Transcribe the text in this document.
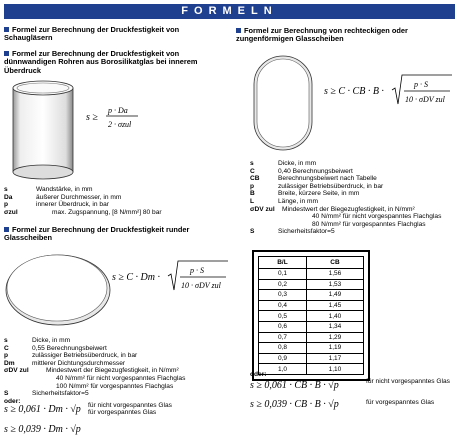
FORMELN
Formel zur Berechnung der Druckfestigkeit von Schaugläsern
Formel zur Berechnung der Druckfestigkeit von dünnwandigen Rohren aus Borosilikatglas bei innerem Überdruck
s ≥
p · Da
2 · σzul
s	Wandstärke, in mm
Da	äußerer Durchmesser, in mm
p	innerer Überdruck, in bar
σzul	max. Zugspannung, [8 N/mm²] 80 bar
Formel zur Berechnung der Druckfestigkeit runder Glasscheiben
s ≥ C · Dm ·
p · S
10 · σDV zul
s	Dicke, in mm
C	0,55 Berechnungsbeiwert
p	zulässiger Betriebsüberdruck, in bar
Dm	mittlerer Dichtungsdurchmesser
σDV zul	Mindestwert der Biegezugfestigkeit, in N/mm²
40 N/mm² für nicht vorgespanntes Flachglas
100 N/mm² für vorgespanntes Flachglas
S	Sicherheitsfaktor=5
oder:
s ≥ 0,061 · Dm · √p für nicht vorgespanntes Glas
für vorgespanntes Glas
s ≥ 0,039 · Dm · √p
Formel zur Berechnung von rechteckigen oder zungenförmigen Glasscheiben
s ≥ C · CB · B ·
p · S
10 · σDV zul
s	Dicke, in mm
C	0,40 Berechnungsbeiwert
CB	Berechnungsbeiwert nach Tabelle
p	zulässiger Betriebsüberdruck, in bar
B	Breite, kürzere Seite, in mm
L	Länge, in mm
σDV zul Mindestwert der Biegezugfestigkeit, in N/mm²
40 N/mm² für nicht vorgespanntes Flachglas
80 N/mm² für vorgespanntes Flachglas
S	Sicherheitsfaktor=5
B/L	CB
0,1	1,56
0,2	1,53
0,3	1,49
0,4	1,45
0,5	1,40
0,6	1,34
0,7	1,29
0,8	1,19
0,9	1,17
1,0	1,10
oder:
s ≥ 0,061 · CB · B · √p	für nicht vorgespanntes Glas
s ≥ 0,039 · CB · B · √p	für vorgespanntes Glas
